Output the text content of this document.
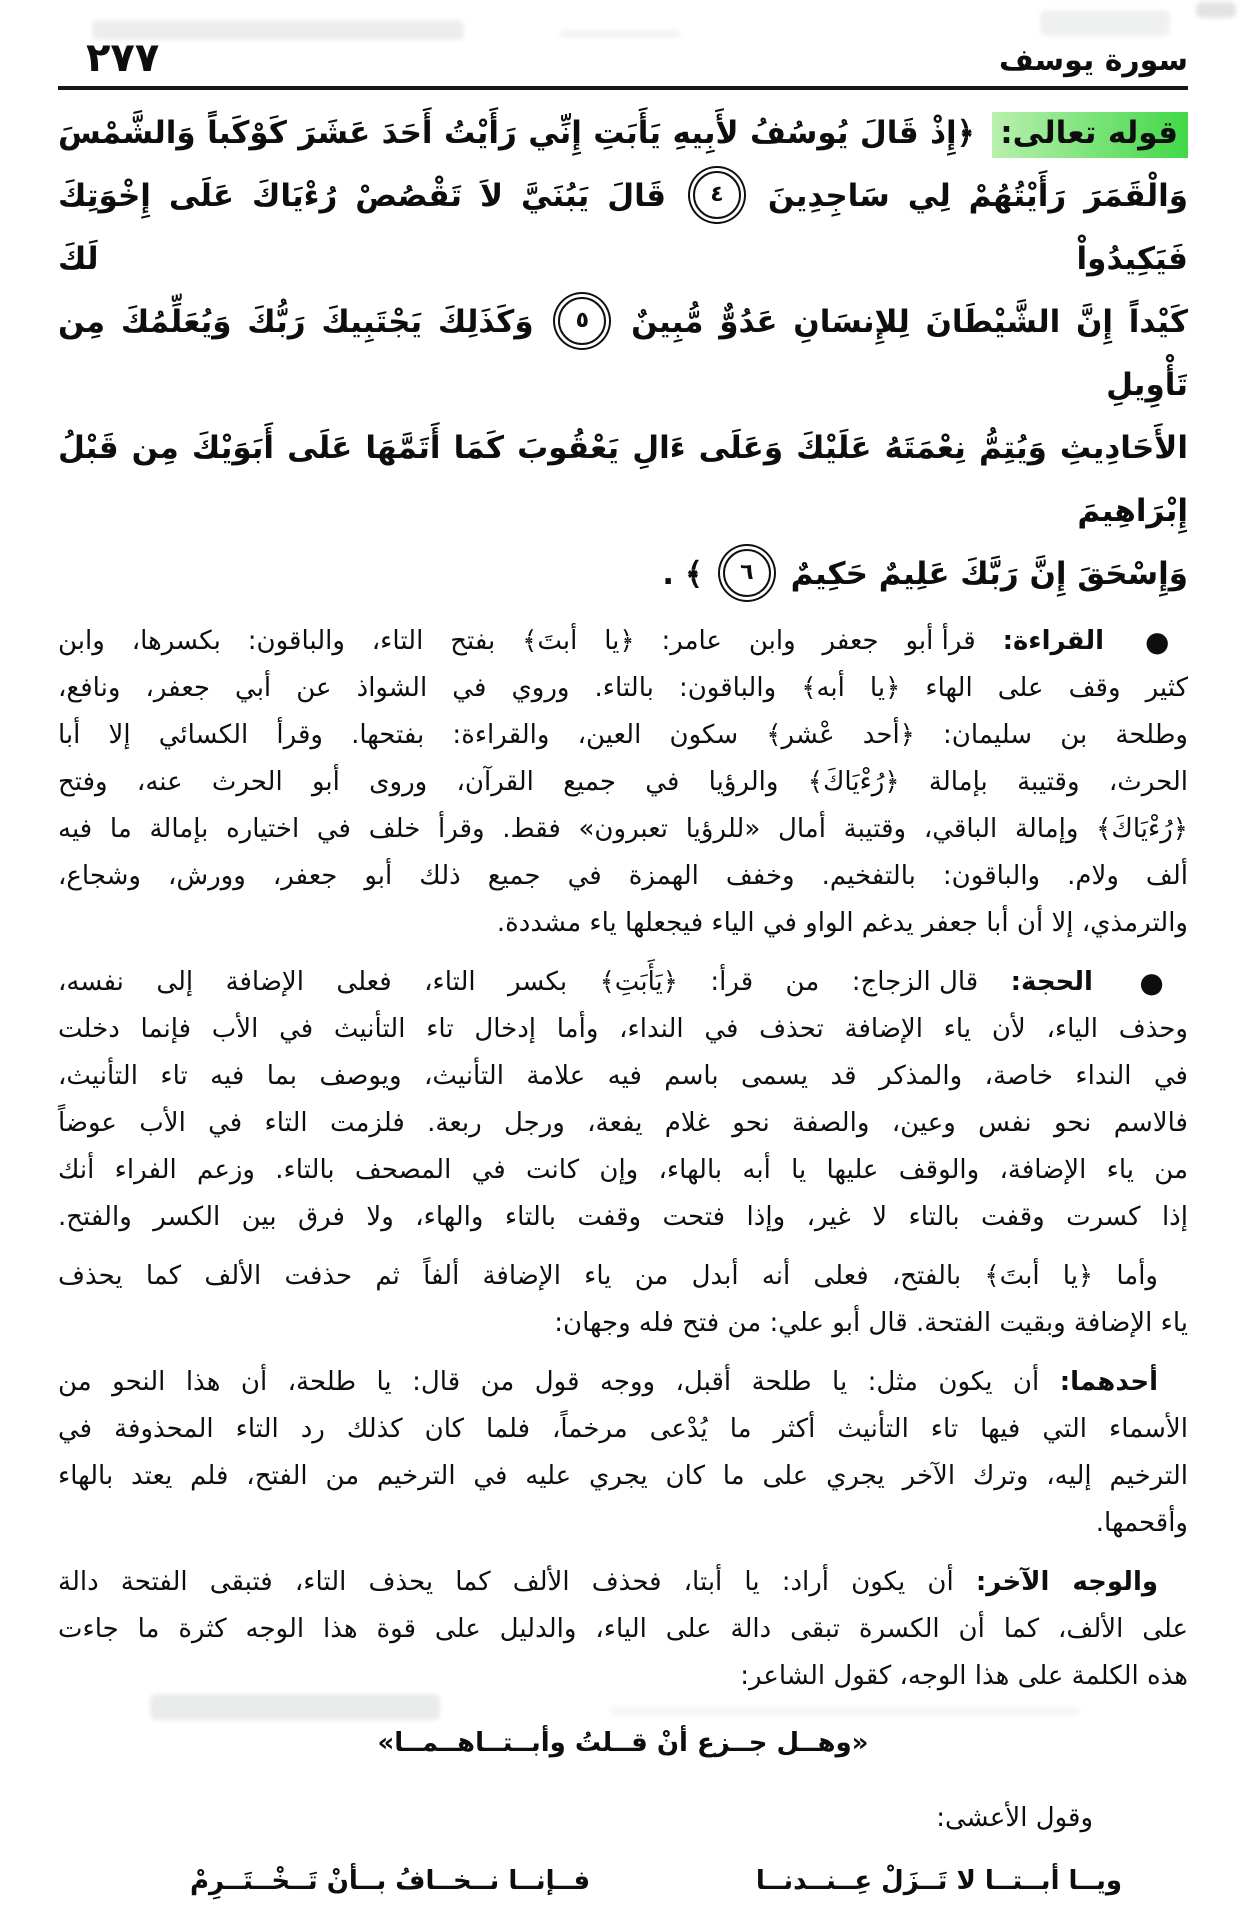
سورة يوسف
٢٧٧
قوله تعالى: ﴿إِذْ قَالَ يُوسُفُ لأَبِيهِ يَأَبَتِ إِنِّي رَأَيْتُ أَحَدَ عَشَرَ كَوْكَباً وَالشَّمْسَ
وَالْقَمَرَ رَأَيْتُهُمْ لِي سَاجِدِينَ ٤ قَالَ يَبُنَيَّ لاَ تَقْصُصْ رُءْيَاكَ عَلَى إِخْوَتِكَ فَيَكِيدُواْ لَكَ
كَيْداً إِنَّ الشَّيْطَانَ لِلإِنسَانِ عَدُوٌّ مُّبِينٌ ٥ وَكَذَلِكَ يَجْتَبِيكَ رَبُّكَ وَيُعَلِّمُكَ مِن تَأْوِيلِ
الأَحَادِيثِ وَيُتِمُّ نِعْمَتَهُ عَلَيْكَ وَعَلَى ءَالِ يَعْقُوبَ كَمَا أَتَمَّهَا عَلَى أَبَوَيْكَ مِن قَبْلُ إِبْرَاهِيمَ
وَإِسْحَقَ إِنَّ رَبَّكَ عَلِيمٌ حَكِيمٌ ٦ ﴾ .
● القراءة: قرأ أبو جعفر وابن عامر: ﴿يا أبتَ﴾ بفتح التاء، والباقون: بكسرها، وابن
كثير وقف على الهاء ﴿يا أبه﴾ والباقون: بالتاء. وروي في الشواذ عن أبي جعفر، ونافع،
وطلحة بن سليمان: ﴿أحد عْشر﴾ سكون العين، والقراءة: بفتحها. وقرأ الكسائي إلا أبا
الحرث، وقتيبة بإمالة ﴿رُءْيَاكَ﴾ والرؤيا في جميع القرآن، وروى أبو الحرث عنه، وفتح
﴿رُءْيَاكَ﴾ وإمالة الباقي، وقتيبة أمال «للرؤيا تعبرون» فقط. وقرأ خلف في اختياره بإمالة ما فيه
ألف ولام. والباقون: بالتفخيم. وخفف الهمزة في جميع ذلك أبو جعفر، وورش، وشجاع،
والترمذي، إلا أن أبا جعفر يدغم الواو في الياء فيجعلها ياء مشددة.
● الحجة: قال الزجاج: من قرأ: ﴿يَأَبَتِ﴾ بكسر التاء، فعلى الإضافة إلى نفسه،
وحذف الياء، لأن ياء الإضافة تحذف في النداء، وأما إدخال تاء التأنيث في الأب فإنما دخلت
في النداء خاصة، والمذكر قد يسمى باسم فيه علامة التأنيث، ويوصف بما فيه تاء التأنيث،
فالاسم نحو نفس وعين، والصفة نحو غلام يفعة، ورجل ربعة. فلزمت التاء في الأب عوضاً
من ياء الإضافة، والوقف عليها يا أبه بالهاء، وإن كانت في المصحف بالتاء. وزعم الفراء أنك
إذا كسرت وقفت بالتاء لا غير، وإذا فتحت وقفت بالتاء والهاء، ولا فرق بين الكسر والفتح.
وأما ﴿يا أبتَ﴾ بالفتح، فعلى أنه أبدل من ياء الإضافة ألفاً ثم حذفت الألف كما يحذف
ياء الإضافة وبقيت الفتحة. قال أبو علي: من فتح فله وجهان:
أحدهما: أن يكون مثل: يا طلحة أقبل، ووجه قول من قال: يا طلحة، أن هذا النحو من
الأسماء التي فيها تاء التأنيث أكثر ما يُدْعى مرخماً، فلما كان كذلك رد التاء المحذوفة في
الترخيم إليه، وترك الآخر يجري على ما كان يجري عليه في الترخيم من الفتح، فلم يعتد بالهاء
وأقحمها.
والوجه الآخر: أن يكون أراد: يا أبتا، فحذف الألف كما يحذف التاء، فتبقى الفتحة دالة
على الألف، كما أن الكسرة تبقى دالة على الياء، والدليل على قوة هذا الوجه كثرة ما جاءت
هذه الكلمة على هذا الوجه، كقول الشاعر:
«وهــل جــزع أنْ قــلتُ وأبــتــاهــمــا»
وقول الأعشى:
ويــا أبــتــا لا تَــزَلْ عِــنــدنــا
فــإنــا نــخــافُ بــأنْ تَــخْــتَــرِمْ
